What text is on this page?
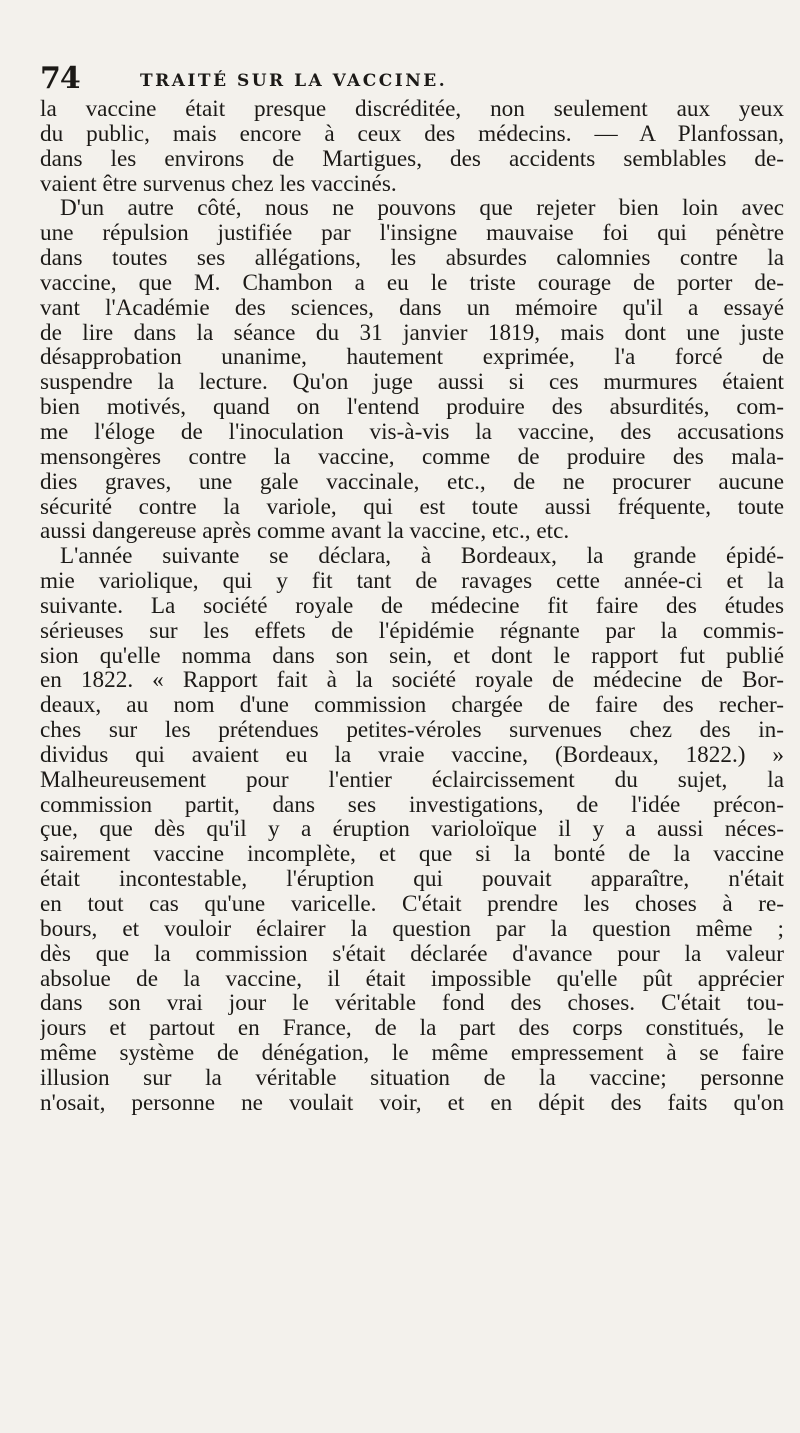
74	TRAITÉ SUR LA VACCINE.
la vaccine était presque discréditée, non seulement aux yeux
du public, mais encore à ceux des médecins. — A Planfossan,
dans les environs de Martigues, des accidents semblables de-
vaient être survenus chez les vaccinés.
D'un autre côté, nous ne pouvons que rejeter bien loin avec
une répulsion justifiée par l'insigne mauvaise foi qui pénètre
dans toutes ses allégations, les absurdes calomnies contre la
vaccine, que M. Chambon a eu le triste courage de porter de-
vant l'Académie des sciences, dans un mémoire qu'il a essayé
de lire dans la séance du 31 janvier 1819, mais dont une juste
désapprobation unanime, hautement exprimée, l'a forcé de
suspendre la lecture. Qu'on juge aussi si ces murmures étaient
bien motivés, quand on l'entend produire des absurdités, com-
me l'éloge de l'inoculation vis-à-vis la vaccine, des accusations
mensongères contre la vaccine, comme de produire des mala-
dies graves, une gale vaccinale, etc., de ne procurer aucune
sécurité contre la variole, qui est toute aussi fréquente, toute
aussi dangereuse après comme avant la vaccine, etc., etc.
L'année suivante se déclara, à Bordeaux, la grande épidé-
mie variolique, qui y fit tant de ravages cette année-ci et la
suivante. La société royale de médecine fit faire des études
sérieuses sur les effets de l'épidémie régnante par la commis-
sion qu'elle nomma dans son sein, et dont le rapport fut publié
en 1822. « Rapport fait à la société royale de médecine de Bor-
deaux, au nom d'une commission chargée de faire des recher-
ches sur les prétendues petites-véroles survenues chez des in-
dividus qui avaient eu la vraie vaccine, (Bordeaux, 1822.) »
Malheureusement pour l'entier éclaircissement du sujet, la
commission partit, dans ses investigations, de l'idée précon-
çue, que dès qu'il y a éruption varioloïque il y a aussi néces-
sairement vaccine incomplète, et que si la bonté de la vaccine
était incontestable, l'éruption qui pouvait apparaître, n'était
en tout cas qu'une varicelle. C'était prendre les choses à re-
bours, et vouloir éclairer la question par la question même ;
dès que la commission s'était déclarée d'avance pour la valeur
absolue de la vaccine, il était impossible qu'elle pût apprécier
dans son vrai jour le véritable fond des choses. C'était tou-
jours et partout en France, de la part des corps constitués, le
même système de dénégation, le même empressement à se faire
illusion sur la véritable situation de la vaccine; personne
n'osait, personne ne voulait voir, et en dépit des faits qu'on
